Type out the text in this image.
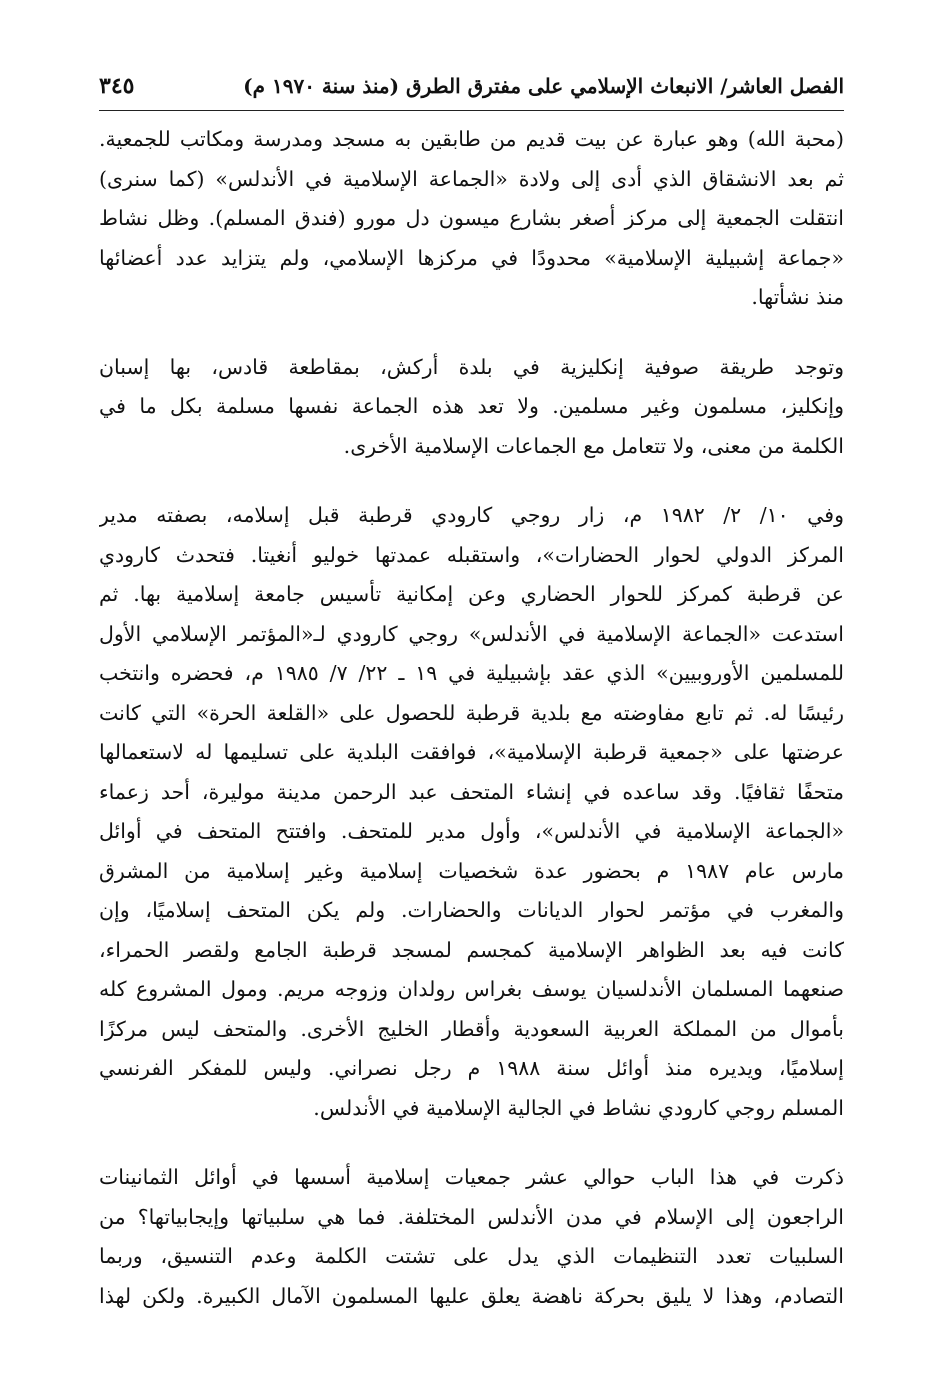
الفصل العاشر/ الانبعاث الإسلامي على مفترق الطرق (منذ سنة ١٩٧٠ م)
٣٤٥
(محبة الله) وهو عبارة عن بيت قديم من طابقين به مسجد ومدرسة ومكاتب للجمعية.
ثم بعد الانشقاق الذي أدى إلى ولادة «الجماعة الإسلامية في الأندلس» (كما سنرى)
انتقلت الجمعية إلى مركز أصغر بشارع ميسون دل مورو (فندق المسلم). وظل نشاط
«جماعة إشبيلية الإسلامية» محدودًا في مركزها الإسلامي، ولم يتزايد عدد أعضائها
منذ نشأتها.
وتوجد طريقة صوفية إنكليزية في بلدة أركش، بمقاطعة قادس، بها إسبان
وإنكليز، مسلمون وغير مسلمين. ولا تعد هذه الجماعة نفسها مسلمة بكل ما في
الكلمة من معنى، ولا تتعامل مع الجماعات الإسلامية الأخرى.
وفي ١٠/ ٢/ ١٩٨٢ م، زار روجي كارودي قرطبة قبل إسلامه، بصفته مدير
المركز الدولي لحوار الحضارات»، واستقبله عمدتها خوليو أنغيتا. فتحدث كارودي
عن قرطبة كمركز للحوار الحضاري وعن إمكانية تأسيس جامعة إسلامية بها. ثم
استدعت «الجماعة الإسلامية في الأندلس» روجي كارودي لـ«المؤتمر الإسلامي الأول
للمسلمين الأوروبيين» الذي عقد بإشبيلية في ١٩ ـ ٢٢/ ٧/ ١٩٨٥ م، فحضره وانتخب
رئيسًا له. ثم تابع مفاوضته مع بلدية قرطبة للحصول على «القلعة الحرة» التي كانت
عرضتها على «جمعية قرطبة الإسلامية»، فوافقت البلدية على تسليمها له لاستعمالها
متحفًا ثقافيًا. وقد ساعده في إنشاء المتحف عبد الرحمن مدينة موليرة، أحد زعماء
«الجماعة الإسلامية في الأندلس»، وأول مدير للمتحف. وافتتح المتحف في أوائل
مارس عام ١٩٨٧ م بحضور عدة شخصيات إسلامية وغير إسلامية من المشرق
والمغرب في مؤتمر لحوار الديانات والحضارات. ولم يكن المتحف إسلاميًا، وإن
كانت فيه بعد الظواهر الإسلامية كمجسم لمسجد قرطبة الجامع ولقصر الحمراء،
صنعهما المسلمان الأندلسيان يوسف بغراس رولدان وزوجه مريم. ومول المشروع كله
بأموال من المملكة العربية السعودية وأقطار الخليج الأخرى. والمتحف ليس مركزًا
إسلاميًا، ويديره منذ أوائل سنة ١٩٨٨ م رجل نصراني. وليس للمفكر الفرنسي
المسلم روجي كارودي نشاط في الجالية الإسلامية في الأندلس.
ذكرت في هذا الباب حوالي عشر جمعيات إسلامية أسسها في أوائل الثمانينات
الراجعون إلى الإسلام في مدن الأندلس المختلفة. فما هي سلبياتها وإيجابياتها؟ من
السلبيات تعدد التنظيمات الذي يدل على تشتت الكلمة وعدم التنسيق، وربما
التصادم، وهذا لا يليق بحركة ناهضة يعلق عليها المسلمون الآمال الكبيرة. ولكن لهذا
